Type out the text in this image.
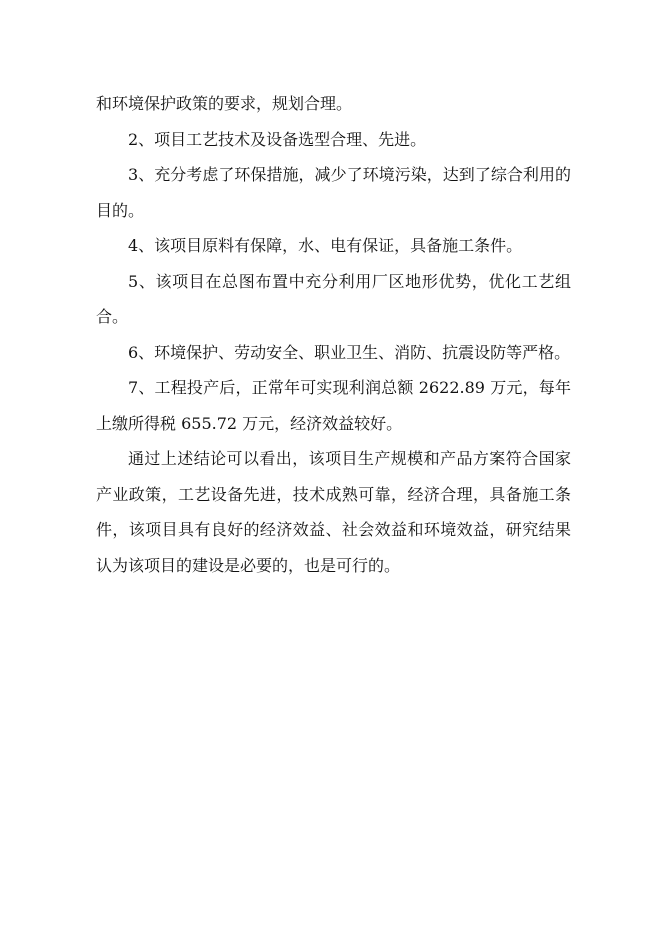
和环境保护政策的要求，规划合理。

2、项目工艺技术及设备选型合理、先进。

3、充分考虑了环保措施，减少了环境污染，达到了综合利用的目的。

4、该项目原料有保障，水、电有保证，具备施工条件。

5、该项目在总图布置中充分利用厂区地形优势，优化工艺组合。

6、环境保护、劳动安全、职业卫生、消防、抗震设防等严格。

7、工程投产后，正常年可实现利润总额 2622.89 万元，每年上缴所得税 655.72 万元，经济效益较好。

通过上述结论可以看出，该项目生产规模和产品方案符合国家产业政策，工艺设备先进，技术成熟可靠，经济合理，具备施工条件，该项目具有良好的经济效益、社会效益和环境效益，研究结果认为该项目的建设是必要的，也是可行的。
